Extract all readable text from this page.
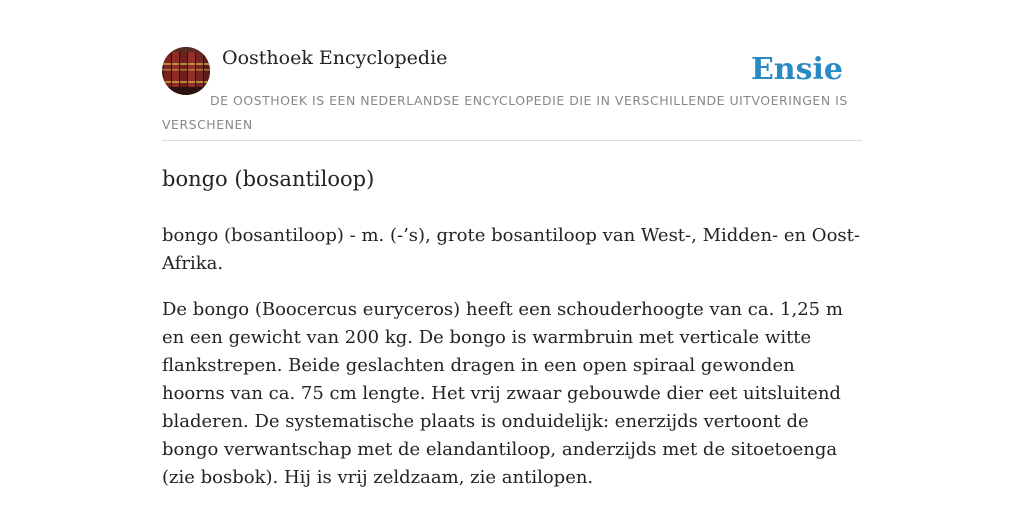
Oosthoek Encyclopedie	Ensie
DE OOSTHOEK IS EEN NEDERLANDSE ENCYCLOPEDIE DIE IN VERSCHILLENDE UITVOERINGEN IS VERSCHENEN
bongo (bosantiloop)

bongo (bosantiloop) - m. (-’s), grote bosantiloop van West-, Midden- en Oost-Afrika.

De bongo (Boocercus euryceros) heeft een schouderhoogte van ca. 1,25 m en een gewicht van 200 kg. De bongo is warmbruin met verticale witte flankstrepen. Beide geslachten dragen in een open spiraal gewonden hoorns van ca. 75 cm lengte. Het vrij zwaar gebouwde dier eet uitsluitend bladeren. De systematische plaats is onduidelijk: enerzijds vertoont de bongo verwantschap met de elandantiloop, anderzijds met de sitoetoenga (zie bosbok). Hij is vrij zeldzaam, zie antilopen.
